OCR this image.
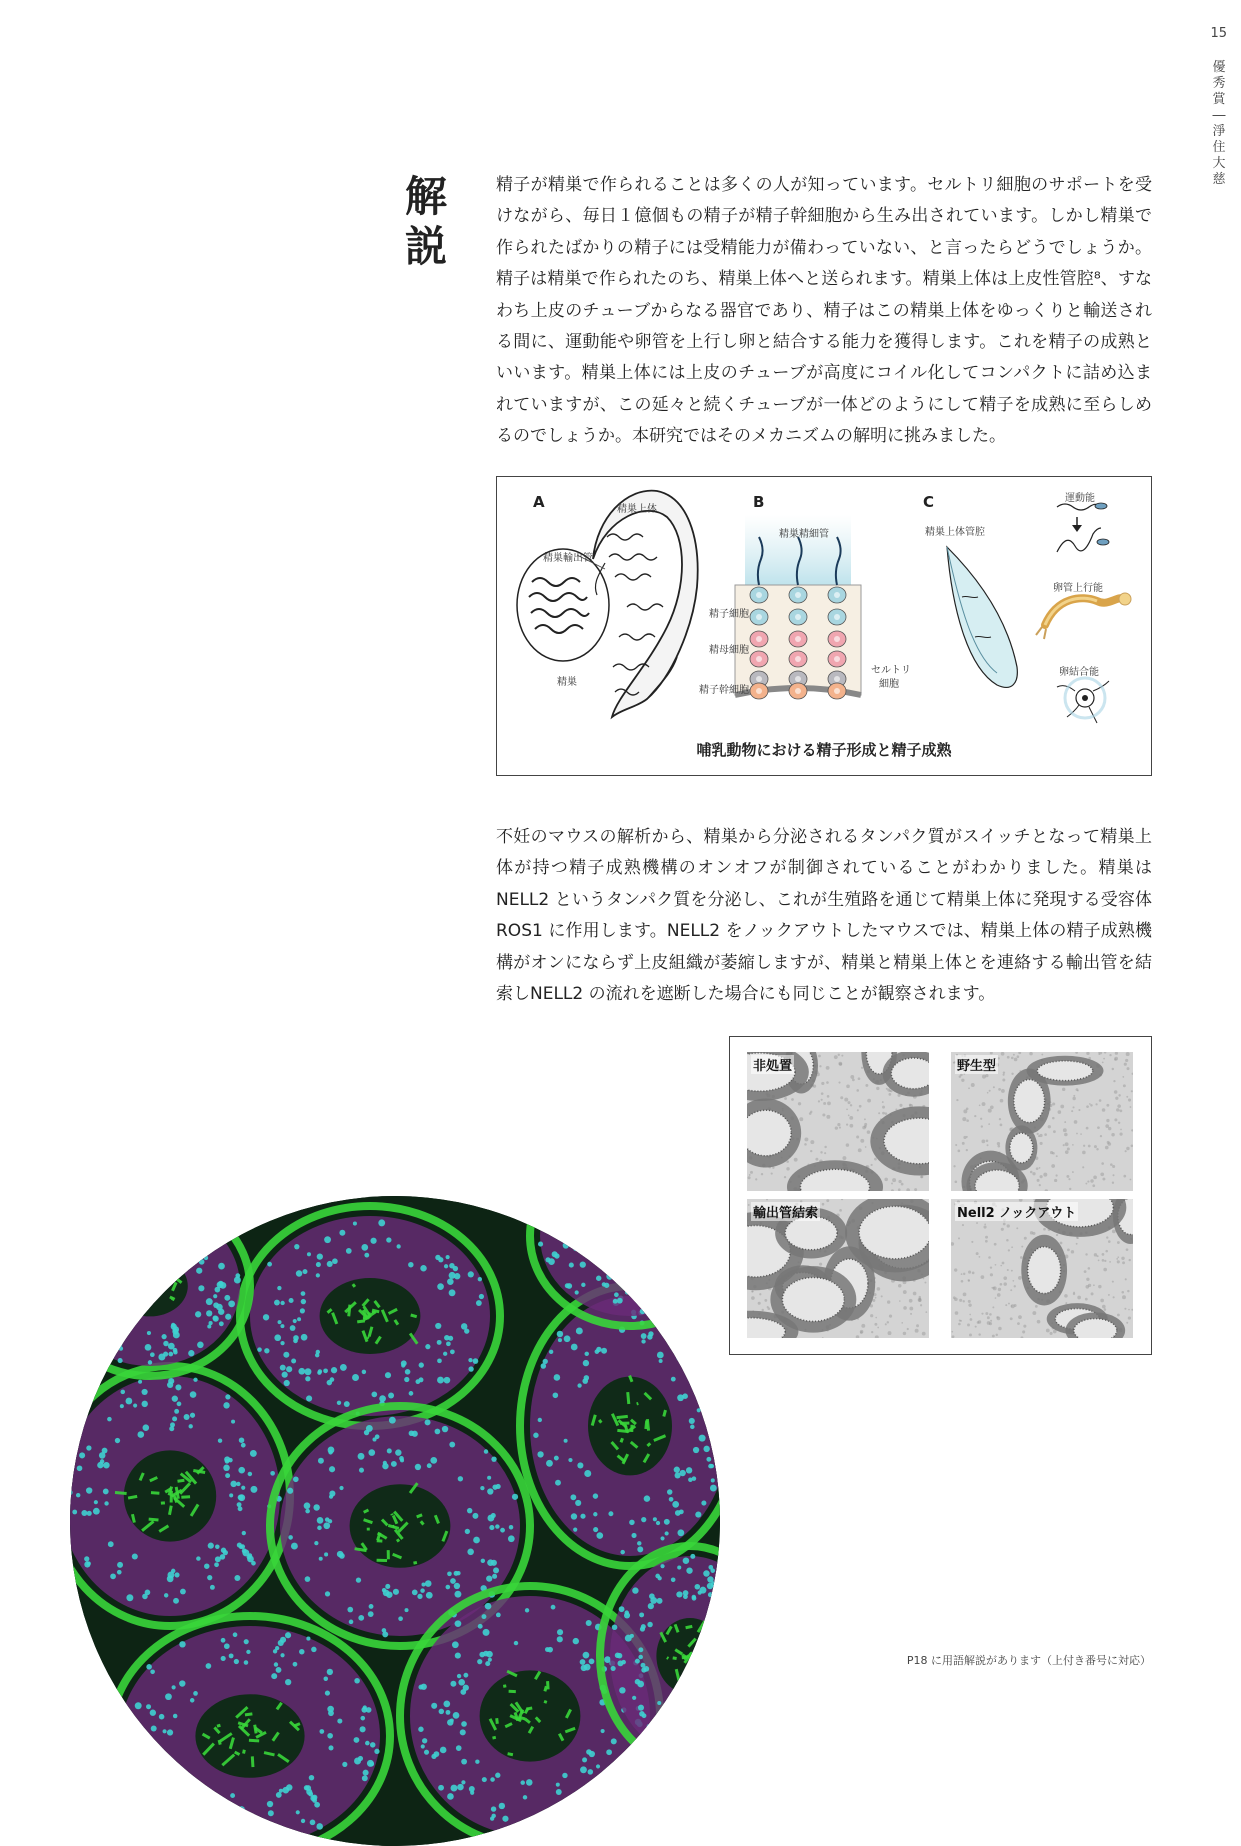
15
優秀賞 ― 淨住大慈
解説
精子が精巣で作られることは多くの人が知っています。セルトリ細胞のサポートを受けながら、毎日１億個もの精子が精子幹細胞から生み出されています。しかし精巣で作られたばかりの精子には受精能力が備わっていない、と言ったらどうでしょうか。精子は精巣で作られたのち、精巣上体へと送られます。精巣上体は上皮性管腔⁸、すなわち上皮のチューブからなる器官であり、精子はこの精巣上体をゆっくりと輸送される間に、運動能や卵管を上行し卵と結合する能力を獲得します。これを精子の成熟といいます。精巣上体には上皮のチューブが高度にコイル化してコンパクトに詰め込まれていますが、この延々と続くチューブが一体どのようにして精子を成熟に至らしめるのでしょうか。本研究ではそのメカニズムの解明に挑みました。
A	精巣上体
精巣輸出管
精巣
B
精巣精細管
精子細胞
精母細胞
精子幹細胞
セルトリ
細胞
C
精巣上体管腔
運動能
卵管上行能
卵結合能
哺乳動物における精子形成と精子成熟
不妊のマウスの解析から、精巣から分泌されるタンパク質がスイッチとなって精巣上体が持つ精子成熟機構のオンオフが制御されていることがわかりました。精巣は NELL2 というタンパク質を分泌し、これが生殖路を通じて精巣上体に発現する受容体 ROS1 に作用します。NELL2 をノックアウトしたマウスでは、精巣上体の精子成熟機構がオンにならず上皮組織が萎縮しますが、精巣と精巣上体とを連絡する輸出管を結索しNELL2 の流れを遮断した場合にも同じことが観察されます。
非処置	野生型
輸出管結索	Nell2 ノックアウト
P18 に用語解説があります（上付き番号に対応）
